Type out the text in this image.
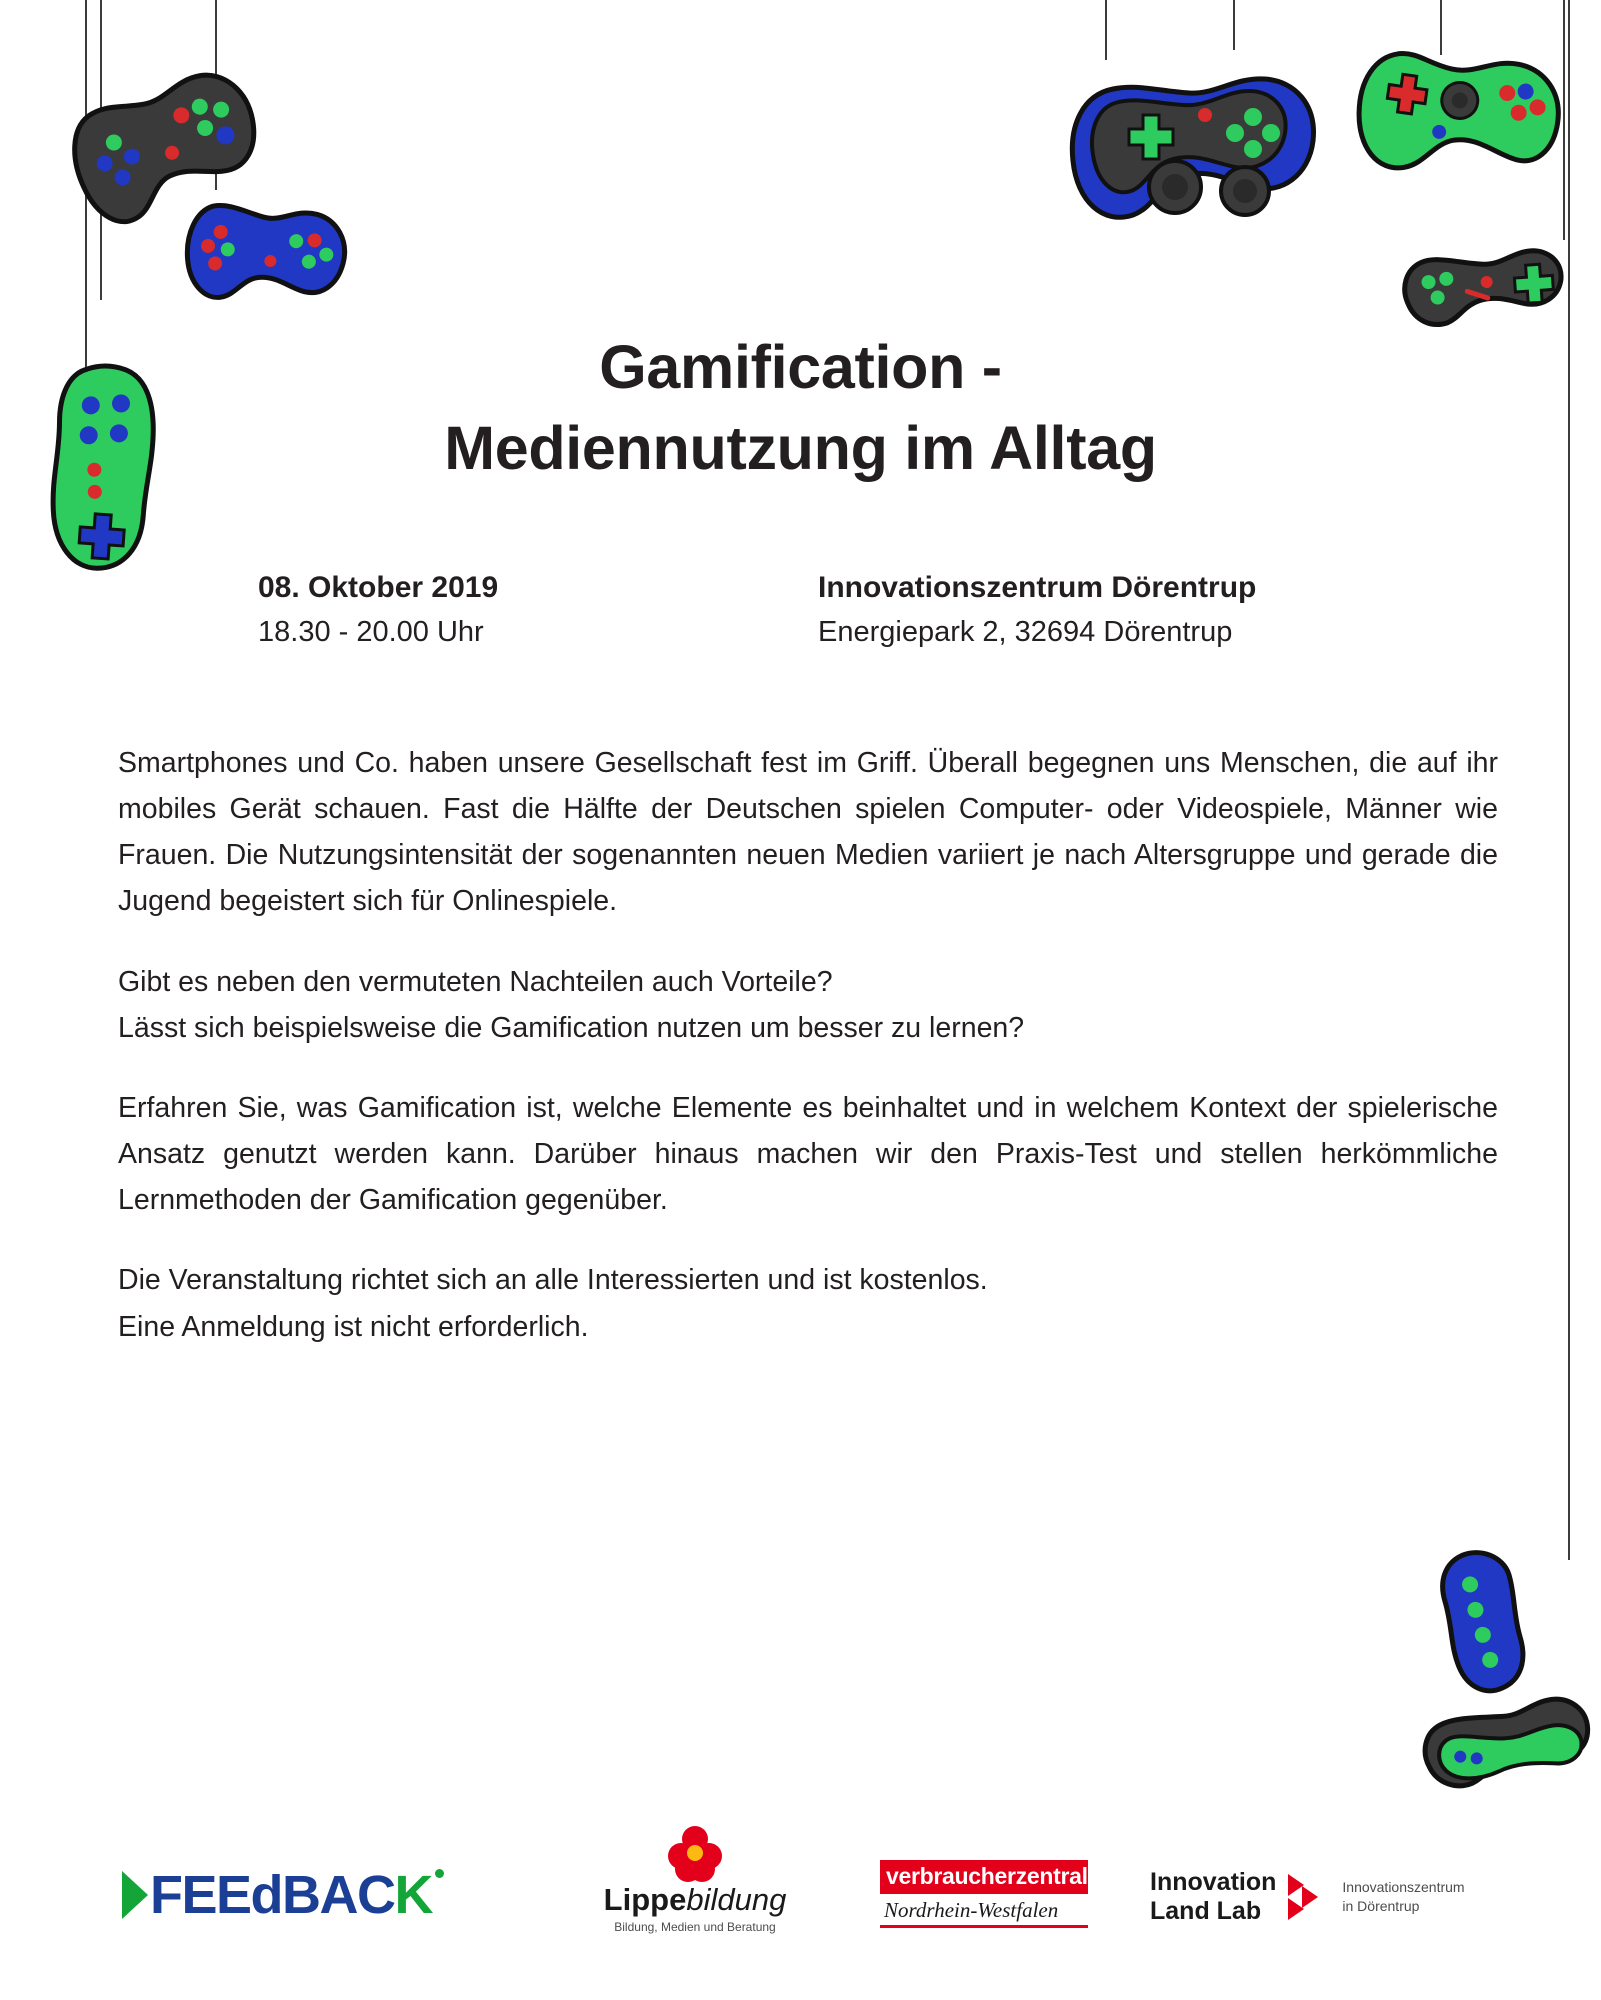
Gamification -
Mediennutzung im Alltag
08. Oktober 2019
18.30 - 20.00 Uhr
Innovationszentrum Dörentrup
Energiepark 2, 32694 Dörentrup

Smartphones und Co. haben unsere Gesellschaft fest im Griff. Überall begegnen uns Menschen, die auf ihr mobiles Gerät schauen. Fast die Hälfte der Deutschen spielen Computer- oder Videospiele, Männer wie Frauen. Die Nutzungsintensität der sogenannten neuen Medien variiert je nach Altersgruppe und gerade die Jugend begeistert sich für Onlinespiele.

Gibt es neben den vermuteten Nachteilen auch Vorteile?
Lässt sich beispielsweise die Gamification nutzen um besser zu lernen?

Erfahren Sie, was Gamification ist, welche Elemente es beinhaltet und in welchem Kontext der spielerische Ansatz genutzt werden kann. Darüber hinaus machen wir den Praxis-Test und stellen herkömmliche Lernmethoden der Gamification gegenüber.

Die Veranstaltung richtet sich an alle Interessierten und ist kostenlos.
Eine Anmeldung ist nicht erforderlich.

FEEdBACK	Lippebildung
Bildung, Medien und Beratung
verbraucherzentrale
Nordrhein-Westfalen
Innovation
Land Lab
Innovationszentrum
in Dörentrup
